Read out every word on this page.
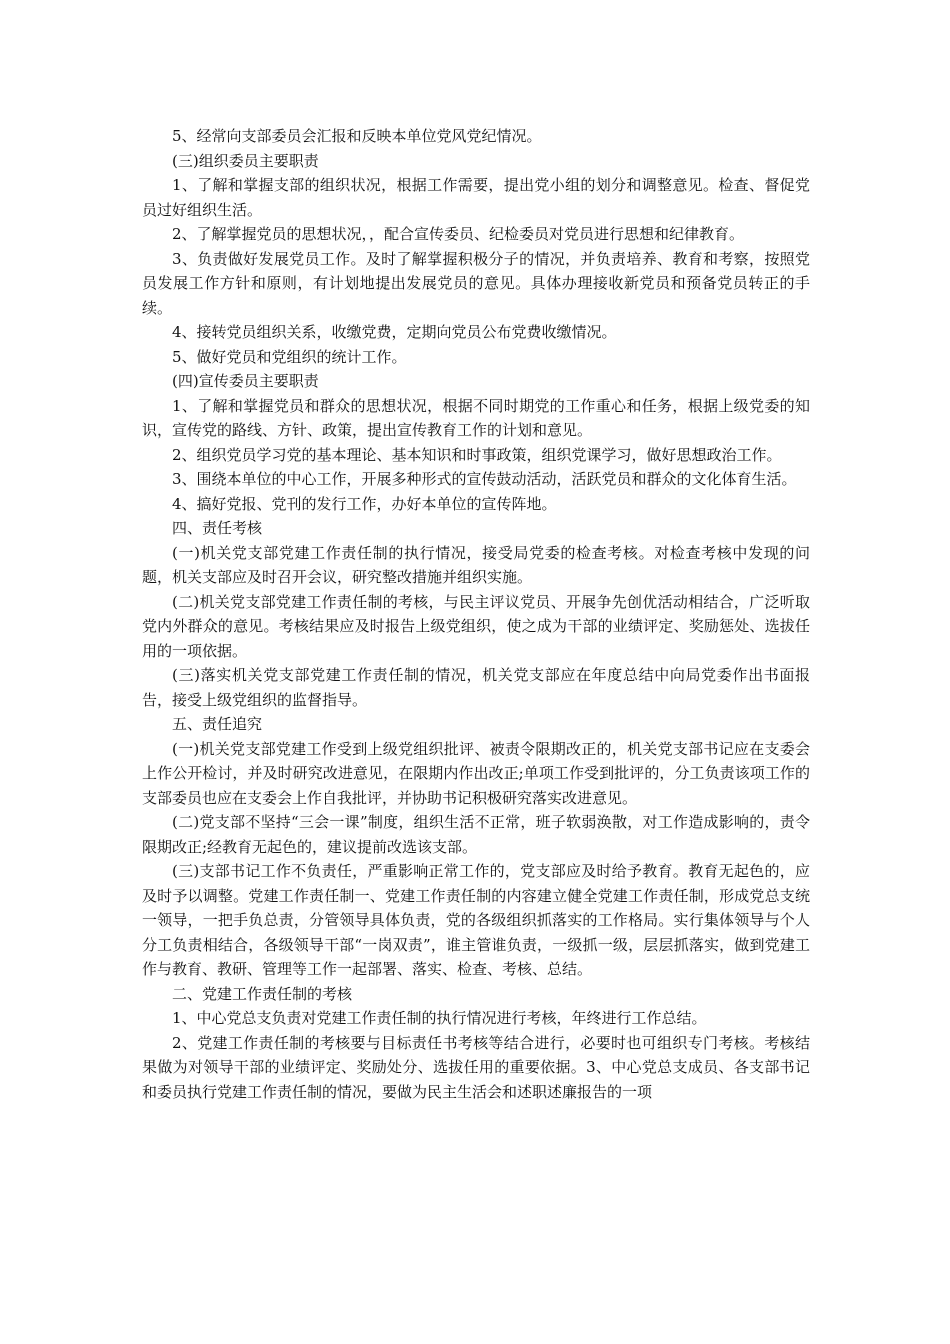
5、经常向支部委员会汇报和反映本单位党风党纪情况。

(三)组织委员主要职责

1、了解和掌握支部的组织状况，根据工作需要，提出党小组的划分和调整意见。检查、督促党员过好组织生活。

2、了解掌握党员的思想状况，，配合宣传委员、纪检委员对党员进行思想和纪律教育。

3、负责做好发展党员工作。及时了解掌握积极分子的情况，并负责培养、教育和考察，按照党员发展工作方针和原则，有计划地提出发展党员的意见。具体办理接收新党员和预备党员转正的手续。

4、接转党员组织关系，收缴党费，定期向党员公布党费收缴情况。

5、做好党员和党组织的统计工作。

(四)宣传委员主要职责

1、了解和掌握党员和群众的思想状况，根据不同时期党的工作重心和任务，根据上级党委的知识，宣传党的路线、方针、政策，提出宣传教育工作的计划和意见。

2、组织党员学习党的基本理论、基本知识和时事政策，组织党课学习，做好思想政治工作。

3、围绕本单位的中心工作，开展多种形式的宣传鼓动活动，活跃党员和群众的文化体育生活。

4、搞好党报、党刊的发行工作，办好本单位的宣传阵地。

四、责任考核

(一)机关党支部党建工作责任制的执行情况，接受局党委的检查考核。对检查考核中发现的问题，机关支部应及时召开会议，研究整改措施并组织实施。

(二)机关党支部党建工作责任制的考核，与民主评议党员、开展争先创优活动相结合，广泛听取党内外群众的意见。考核结果应及时报告上级党组织，使之成为干部的业绩评定、奖励惩处、选拔任用的一项依据。

(三)落实机关党支部党建工作责任制的情况，机关党支部应在年度总结中向局党委作出书面报告，接受上级党组织的监督指导。

五、责任追究

(一)机关党支部党建工作受到上级党组织批评、被责令限期改正的，机关党支部书记应在支委会上作公开检讨，并及时研究改进意见，在限期内作出改正;单项工作受到批评的，分工负责该项工作的支部委员也应在支委会上作自我批评，并协助书记积极研究落实改进意见。

(二)党支部不坚持“三会一课”制度，组织生活不正常，班子软弱涣散，对工作造成影响的，责令限期改正;经教育无起色的，建议提前改选该支部。

(三)支部书记工作不负责任，严重影响正常工作的，党支部应及时给予教育。教育无起色的，应及时予以调整。党建工作责任制一、党建工作责任制的内容建立健全党建工作责任制，形成党总支统一领导，一把手负总责，分管领导具体负责，党的各级组织抓落实的工作格局。实行集体领导与个人分工负责相结合，各级领导干部“一岗双责”，谁主管谁负责，一级抓一级，层层抓落实，做到党建工作与教育、教研、管理等工作一起部署、落实、检查、考核、总结。

二、党建工作责任制的考核

1、中心党总支负责对党建工作责任制的执行情况进行考核，年终进行工作总结。

2、党建工作责任制的考核要与目标责任书考核等结合进行，必要时也可组织专门考核。考核结果做为对领导干部的业绩评定、奖励处分、选拔任用的重要依据。3、中心党总支成员、各支部书记和委员执行党建工作责任制的情况，要做为民主生活会和述职述廉报告的一项
